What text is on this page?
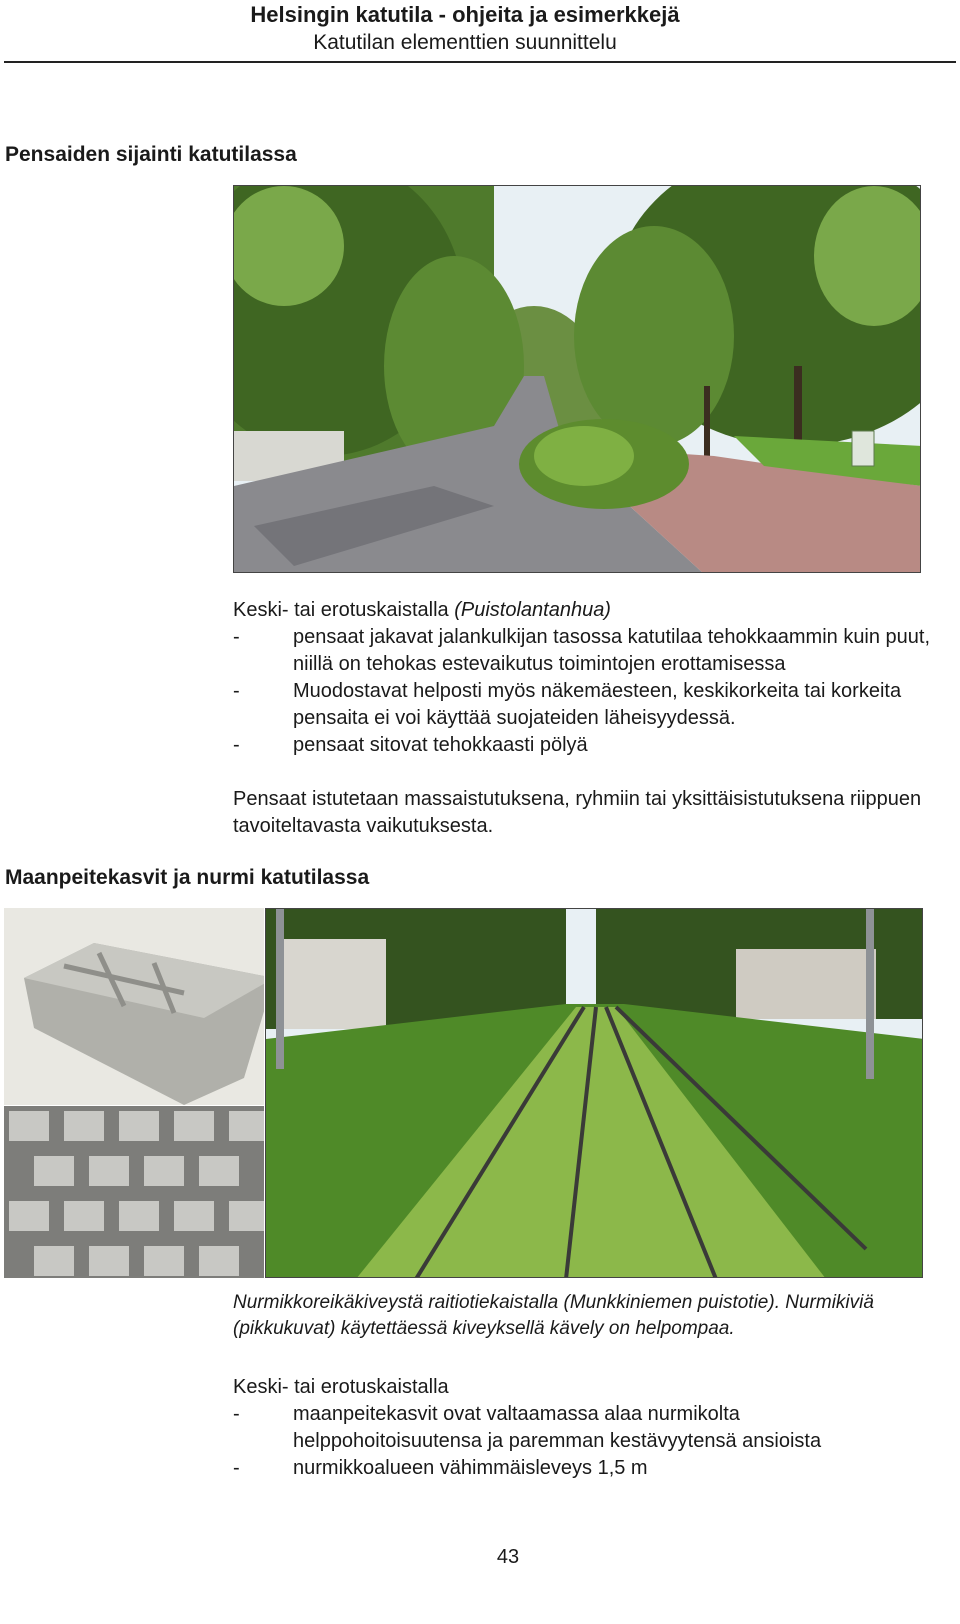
Helsingin katutila - ohjeita ja esimerkkejä
Katutilan elementtien suunnittelu
Pensaiden sijainti katutilassa
Keski- tai erotuskaistalla (Puistolantanhua)
-	pensaat jakavat jalankulkijan tasossa katutilaa tehokkaammin kuin puut, niillä on tehokas estevaikutus toimintojen erottamisessa
-	Muodostavat helposti myös näkemäesteen, keskikorkeita tai korkeita pensaita ei voi käyttää suojateiden läheisyydessä.
-	pensaat sitovat tehokkaasti pölyä
Pensaat istutetaan massaistutuksena, ryhmiin tai yksittäisistutuksena riippuen tavoiteltavasta vaikutuksesta.
Maanpeitekasvit ja nurmi katutilassa
Nurmikkoreikäkiveystä raitiotiekaistalla (Munkkiniemen puistotie). Nurmikiviä (pikkukuvat) käytettäessä kiveyksellä kävely on helpompaa.
Keski- tai erotuskaistalla
-	maanpeitekasvit ovat valtaamassa alaa nurmikolta helppohoitoisuutensa ja paremman kestävyytensä ansioista
-	nurmikkoalueen vähimmäisleveys 1,5 m
43
